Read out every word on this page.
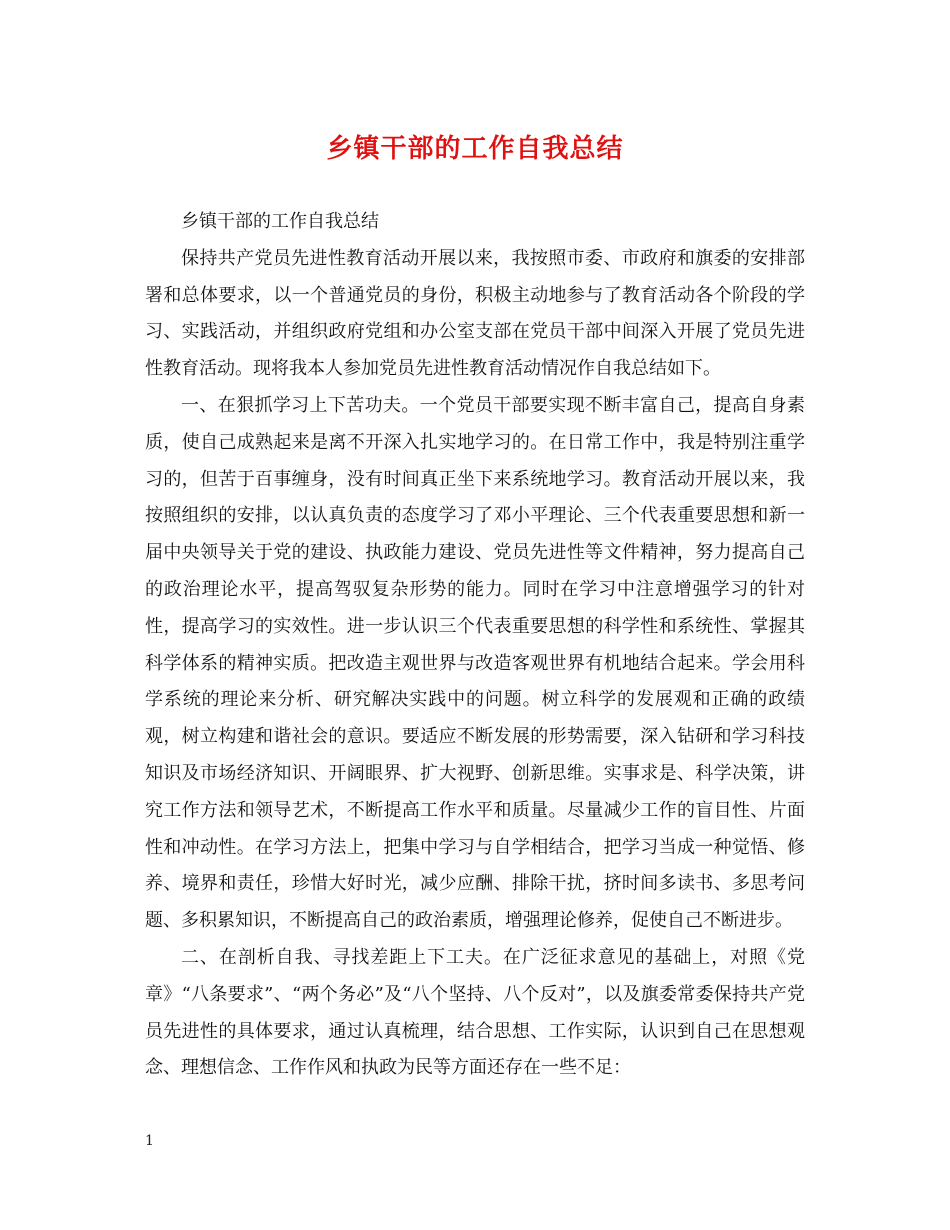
乡镇干部的工作自我总结

乡镇干部的工作自我总结

保持共产党员先进性教育活动开展以来，我按照市委、市政府和旗委的安排部署和总体要求，以一个普通党员的身份，积极主动地参与了教育活动各个阶段的学习、实践活动，并组织政府党组和办公室支部在党员干部中间深入开展了党员先进性教育活动。现将我本人参加党员先进性教育活动情况作自我总结如下。

一、在狠抓学习上下苦功夫。一个党员干部要实现不断丰富自己，提高自身素质，使自己成熟起来是离不开深入扎实地学习的。在日常工作中，我是特别注重学习的，但苦于百事缠身，没有时间真正坐下来系统地学习。教育活动开展以来，我按照组织的安排，以认真负责的态度学习了邓小平理论、三个代表重要思想和新一届中央领导关于党的建设、执政能力建设、党员先进性等文件精神，努力提高自己的政治理论水平，提高驾驭复杂形势的能力。同时在学习中注意增强学习的针对性，提高学习的实效性。进一步认识三个代表重要思想的科学性和系统性、掌握其科学体系的精神实质。把改造主观世界与改造客观世界有机地结合起来。学会用科学系统的理论来分析、研究解决实践中的问题。树立科学的发展观和正确的政绩观，树立构建和谐社会的意识。要适应不断发展的形势需要，深入钻研和学习科技知识及市场经济知识、开阔眼界、扩大视野、创新思维。实事求是、科学决策，讲究工作方法和领导艺术，不断提高工作水平和质量。尽量减少工作的盲目性、片面性和冲动性。在学习方法上，把集中学习与自学相结合，把学习当成一种觉悟、修养、境界和责任，珍惜大好时光，减少应酬、排除干扰，挤时间多读书、多思考问题、多积累知识，不断提高自己的政治素质，增强理论修养，促使自己不断进步。

二、在剖析自我、寻找差距上下工夫。在广泛征求意见的基础上，对照《党章》“八条要求”、“两个务必”及“八个坚持、八个反对”，以及旗委常委保持共产党员先进性的具体要求，通过认真梳理，结合思想、工作实际，认识到自己在思想观念、理想信念、工作作风和执政为民等方面还存在一些不足：

1
